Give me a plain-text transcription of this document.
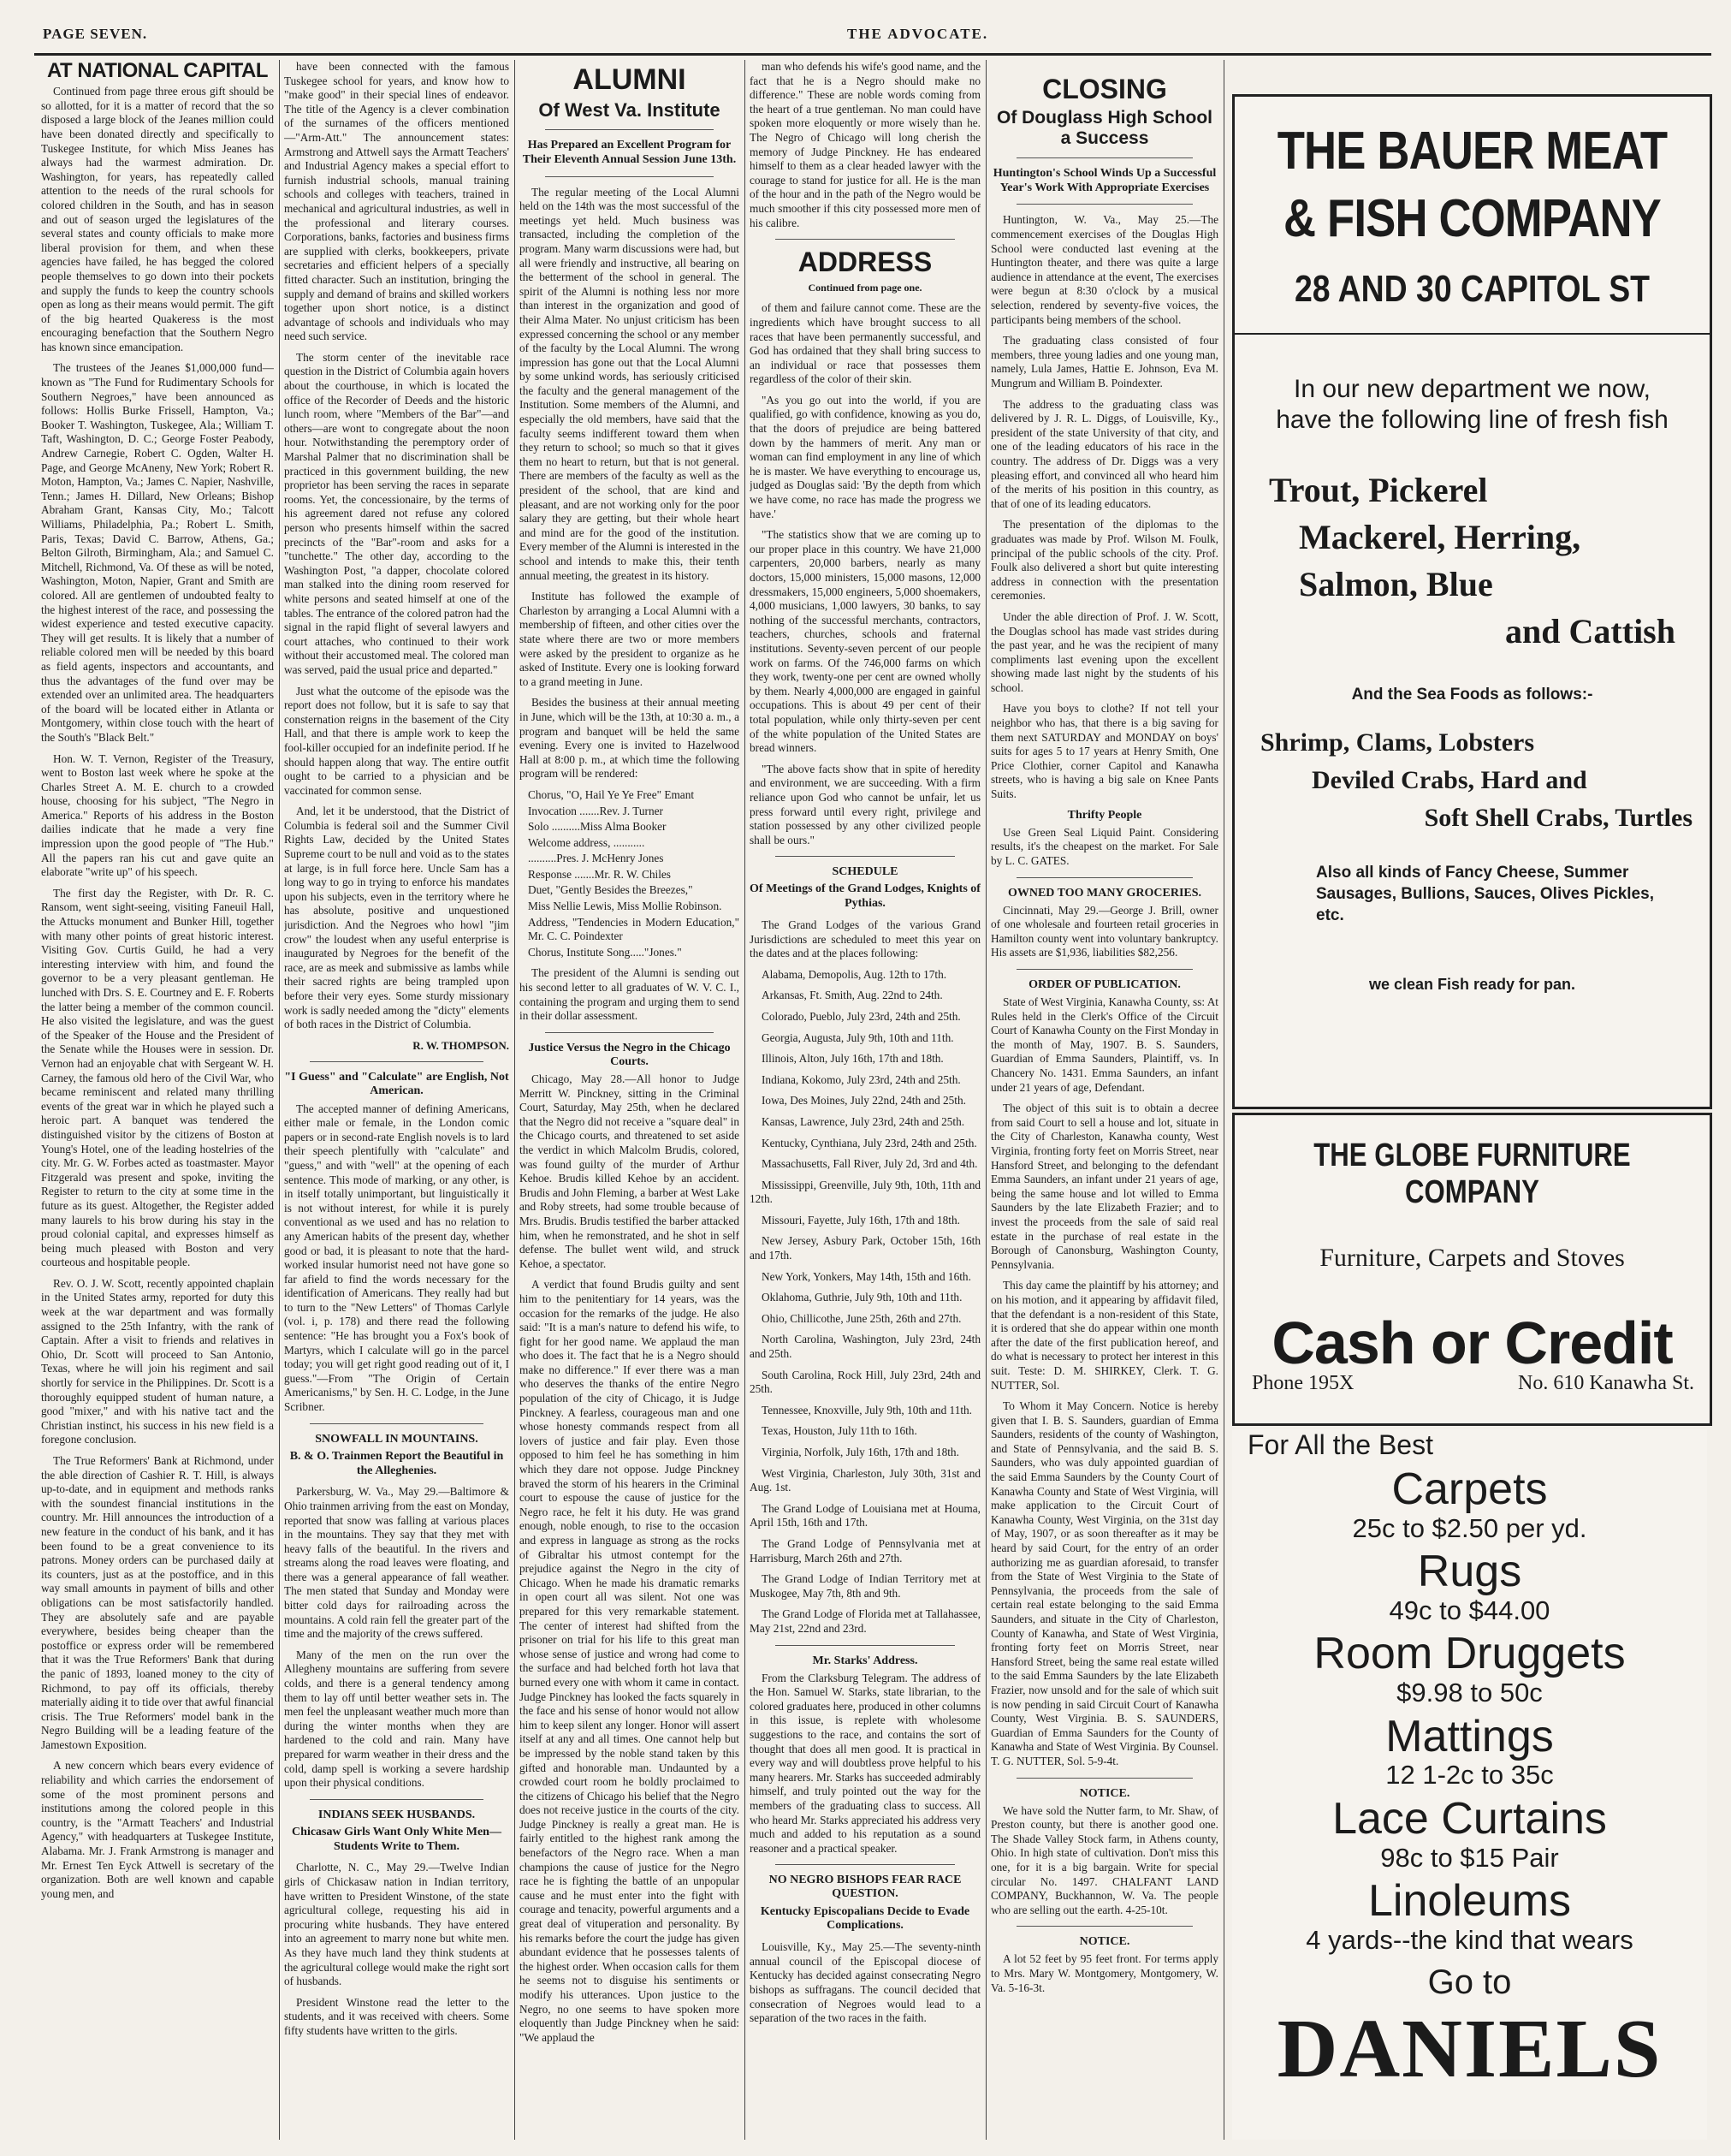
PAGE SEVEN.	THE ADVOCATE.
AT NATIONAL CAPITAL

Continued from page three erous gift should be so allotted, for it is a matter of record that the so disposed a large block of the Jeanes million could have been donated directly and specifically to Tuskegee Institute, for which Miss Jeanes has always had the warmest admiration. Dr. Washington, for years, has repeatedly called attention to the needs of the rural schools for colored children in the South, and has in season and out of season urged the legislatures of the several states and county officials to make more liberal provision for them, and when these agencies have failed, he has begged the colored people themselves to go down into their pockets and supply the funds to keep the country schools open as long as their means would permit. The gift of the big hearted Quakeress is the most encouraging benefaction that the Southern Negro has known since emancipation.

The trustees of the Jeanes $1,000,000 fund—known as "The Fund for Rudimentary Schools for Southern Negroes," have been announced as follows: Hollis Burke Frissell, Hampton, Va.; Booker T. Washington, Tuskegee, Ala.; William T. Taft, Washington, D. C.; George Foster Peabody, Andrew Carnegie, Robert C. Ogden, Walter H. Page, and George McAneny, New York; Robert R. Moton, Hampton, Va.; James C. Napier, Nashville, Tenn.; James H. Dillard, New Orleans; Bishop Abraham Grant, Kansas City, Mo.; Talcott Williams, Philadelphia, Pa.; Robert L. Smith, Paris, Texas; David C. Barrow, Athens, Ga.; Belton Gilroth, Birmingham, Ala.; and Samuel C. Mitchell, Richmond, Va. Of these as will be noted, Washington, Moton, Napier, Grant and Smith are colored. All are gentlemen of undoubted fealty to the highest interest of the race, and possessing the widest experience and tested executive capacity. They will get results. It is likely that a number of reliable colored men will be needed by this board as field agents, inspectors and accountants, and thus the advantages of the fund over may be extended over an unlimited area. The headquarters of the board will be located either in Atlanta or Montgomery, within close touch with the heart of the South's "Black Belt."

Hon. W. T. Vernon, Register of the Treasury, went to Boston last week where he spoke at the Charles Street A. M. E. church to a crowded house, choosing for his subject, "The Negro in America." Reports of his address in the Boston dailies indicate that he made a very fine impression upon the good people of "The Hub." All the papers ran his cut and gave quite an elaborate "write up" of his speech.

The first day the Register, with Dr. R. C. Ransom, went sight-seeing, visiting Faneuil Hall, the Attucks monument and Bunker Hill, together with many other points of great historic interest. Visiting Gov. Curtis Guild, he had a very interesting interview with him, and found the governor to be a very pleasant gentleman. He lunched with Drs. S. E. Courtney and E. F. Roberts the latter being a member of the common council. He also visited the legislature, and was the guest of the Speaker of the House and the President of the Senate while the Houses were in session. Dr. Vernon had an enjoyable chat with Sergeant W. H. Carney, the famous old hero of the Civil War, who became reminiscent and related many thrilling events of the great war in which he played such a heroic part. A banquet was tendered the distinguished visitor by the citizens of Boston at Young's Hotel, one of the leading hostelries of the city. Mr. G. W. Forbes acted as toastmaster. Mayor Fitzgerald was present and spoke, inviting the Register to return to the city at some time in the future as its guest. Altogether, the Register added many laurels to his brow during his stay in the proud colonial capital, and expresses himself as being much pleased with Boston and very courteous and hospitable people.

Rev. O. J. W. Scott, recently appointed chaplain in the United States army, reported for duty this week at the war department and was formally assigned to the 25th Infantry, with the rank of Captain. After a visit to friends and relatives in Ohio, Dr. Scott will proceed to San Antonio, Texas, where he will join his regiment and sail shortly for service in the Philippines. Dr. Scott is a thoroughly equipped student of human nature, a good "mixer," and with his native tact and the Christian instinct, his success in his new field is a foregone conclusion.

The True Reformers' Bank at Richmond, under the able direction of Cashier R. T. Hill, is always up-to-date, and in equipment and methods ranks with the soundest financial institutions in the country. Mr. Hill announces the introduction of a new feature in the conduct of his bank, and it has been found to be a great convenience to its patrons. Money orders can be purchased daily at its counters, just as at the postoffice, and in this way small amounts in payment of bills and other obligations can be most satisfactorily handled. They are absolutely safe and are payable everywhere, besides being cheaper than the postoffice or express order will be remembered that it was the True Reformers' Bank that during the panic of 1893, loaned money to the city of Richmond, to pay off its officials, thereby materially aiding it to tide over that awful financial crisis. The True Reformers' model bank in the Negro Building will be a leading feature of the Jamestown Exposition.

A new concern which bears every evidence of reliability and which carries the endorsement of some of the most prominent persons and institutions among the colored people in this country, is the "Armatt Teachers' and Industrial Agency," with headquarters at Tuskegee Institute, Alabama. Mr. J. Frank Armstrong is manager and Mr. Ernest Ten Eyck Attwell is secretary of the organization. Both are well known and capable young men, and

have been connected with the famous Tuskegee school for years, and know how to "make good" in their special lines of endeavor. The title of the Agency is a clever combination of the surnames of the officers mentioned—"Arm-Att." The announcement states: Armstrong and Attwell says the Armatt Teachers' and Industrial Agency makes a special effort to furnish industrial schools, manual training schools and colleges with teachers, trained in mechanical and agricultural industries, as well in the professional and literary courses. Corporations, banks, factories and business firms are supplied with clerks, bookkeepers, private secretaries and efficient helpers of a specially fitted character. Such an institution, bringing the supply and demand of brains and skilled workers together upon short notice, is a distinct advantage of schools and individuals who may need such service.

The storm center of the inevitable race question in the District of Columbia again hovers about the courthouse, in which is located the office of the Recorder of Deeds and the historic lunch room, where "Members of the Bar"—and others—are wont to congregate about the noon hour. Notwithstanding the peremptory order of Marshal Palmer that no discrimination shall be practiced in this government building, the new proprietor has been serving the races in separate rooms. Yet, the concessionaire, by the terms of his agreement dared not refuse any colored person who presents himself within the sacred precincts of the "Bar"-room and asks for a "tunchette." The other day, according to the Washington Post, "a dapper, chocolate colored man stalked into the dining room reserved for white persons and seated himself at one of the tables. The entrance of the colored patron had the signal in the rapid flight of several lawyers and court attaches, who continued to their work without their accustomed meal. The colored man was served, paid the usual price and departed."

Just what the outcome of the episode was the report does not follow, but it is safe to say that consternation reigns in the basement of the City Hall, and that there is ample work to keep the fool-killer occupied for an indefinite period. If he should happen along that way. The entire outfit ought to be carried to a physician and be vaccinated for common sense.

And, let it be understood, that the District of Columbia is federal soil and the Summer Civil Rights Law, decided by the United States Supreme court to be null and void as to the states at large, is in full force here. Uncle Sam has a long way to go in trying to enforce his mandates upon his subjects, even in the territory where he has absolute, positive and unquestioned jurisdiction. And the Negroes who howl "jim crow" the loudest when any useful enterprise is inaugurated by Negroes for the benefit of the race, are as meek and submissive as lambs while their sacred rights are being trampled upon before their very eyes. Some sturdy missionary work is sadly needed among the "dicty" elements of both races in the District of Columbia.

R. W. THOMPSON.
"I Guess" and "Calculate" are English, Not American.

The accepted manner of defining Americans, either male or female, in the London comic papers or in second-rate English novels is to lard their speech plentifully with "calculate" and "guess," and with "well" at the opening of each sentence. This mode of marking, or any other, is in itself totally unimportant, but linguistically it is not without interest, for while it is purely conventional as we used and has no relation to any American habits of the present day, whether good or bad, it is pleasant to note that the hard-worked insular humorist need not have gone so far afield to find the words necessary for the identification of Americans. They really had but to turn to the "New Letters" of Thomas Carlyle (vol. i, p. 178) and there read the following sentence: "He has brought you a Fox's book of Martyrs, which I calculate will go in the parcel today; you will get right good reading out of it, I guess."—From "The Origin of Certain Americanisms," by Sen. H. C. Lodge, in the June Scribner.

SNOWFALL IN MOUNTAINS.
B. & O. Trainmen Report the Beautiful in the Alleghenies.

Parkersburg, W. Va., May 29.—Baltimore & Ohio trainmen arriving from the east on Monday, reported that snow was falling at various places in the mountains. They say that they met with heavy falls of the beautiful. In the rivers and streams along the road leaves were floating, and there was a general appearance of fall weather. The men stated that Sunday and Monday were bitter cold days for railroading across the mountains. A cold rain fell the greater part of the time and the majority of the crews suffered.

Many of the men on the run over the Allegheny mountains are suffering from severe colds, and there is a general tendency among them to lay off until better weather sets in. The men feel the unpleasant weather much more than during the winter months when they are hardened to the cold and rain. Many have prepared for warm weather in their dress and the cold, damp spell is working a severe hardship upon their physical conditions.

INDIANS SEEK HUSBANDS.
Chicasaw Girls Want Only White Men—Students Write to Them.

Charlotte, N. C., May 29.—Twelve Indian girls of Chickasaw nation in Indian territory, have written to President Winstone, of the state agricultural college, requesting his aid in procuring white husbands. They have entered into an agreement to marry none but white men. As they have much land they think students at the agricultural college would make the right sort of husbands.

President Winstone read the letter to the students, and it was received with cheers. Some fifty students have written to the girls.

ALUMNI
Of West Va. Institute
Has Prepared an Excellent Program for Their Eleventh Annual Session June 13th.

The regular meeting of the Local Alumni held on the 14th was the most successful of the meetings yet held. Much business was transacted, including the completion of the program. Many warm discussions were had, but all were friendly and instructive, all bearing on the betterment of the school in general. The spirit of the Alumni is nothing less nor more than interest in the organization and good of their Alma Mater. No unjust criticism has been expressed concerning the school or any member of the faculty by the Local Alumni. The wrong impression has gone out that the Local Alumni by some unkind words, has seriously criticised the faculty and the general management of the Institution. Some members of the Alumni, and especially the old members, have said that the faculty seems indifferent toward them when they return to school; so much so that it gives them no heart to return, but that is not general. There are members of the faculty as well as the president of the school, that are kind and pleasant, and are not working only for the poor salary they are getting, but their whole heart and mind are for the good of the institution. Every member of the Alumni is interested in the school and intends to make this, their tenth annual meeting, the greatest in its history.

Institute has followed the example of Charleston by arranging a Local Alumni with a membership of fifteen, and other cities over the state where there are two or more members were asked by the president to organize as he asked of Institute. Every one is looking forward to a grand meeting in June.

Besides the business at their annual meeting in June, which will be the 13th, at 10:30 a. m., a program and banquet will be held the same evening. Every one is invited to Hazelwood Hall at 8:00 p. m., at which time the following program will be rendered:

Chorus, "O, Hail Ye Ye Free" Emant
Invocation .......Rev. J. Turner
Solo ..........Miss Alma Booker
Welcome address, ...........
..........Pres. J. McHenry Jones
Response .......Mr. R. W. Chiles
Duet, "Gently Besides the Breezes,"
Miss Nellie Lewis, Miss Mollie Robinson.
Address, "Tendencies in Modern Education," Mr. C. C. Poindexter
Chorus, Institute Song....."Jones."

The president of the Alumni is sending out his second letter to all graduates of W. V. C. I., containing the program and urging them to send in their dollar assessment.

Justice Versus the Negro in the Chicago Courts.

Chicago, May 28.—All honor to Judge Merritt W. Pinckney, sitting in the Criminal Court, Saturday, May 25th, when he declared that the Negro did not receive a "square deal" in the Chicago courts, and threatened to set aside the verdict in which Malcolm Brudis, colored, was found guilty of the murder of Arthur Kehoe. Brudis killed Kehoe by an accident. Brudis and John Fleming, a barber at West Lake and Roby streets, had some trouble because of Mrs. Brudis. Brudis testified the barber attacked him, when he remonstrated, and he shot in self defense. The bullet went wild, and struck Kehoe, a spectator.

A verdict that found Brudis guilty and sent him to the penitentiary for 14 years, was the occasion for the remarks of the judge. He also said: "It is a man's nature to defend his wife, to fight for her good name. We applaud the man who does it. The fact that he is a Negro should make no difference." If ever there was a man who deserves the thanks of the entire Negro population of the city of Chicago, it is Judge Pinckney. A fearless, courageous man and one whose honesty commands respect from all lovers of justice and fair play. Even those opposed to him feel he has something in him which they dare not oppose. Judge Pinckney braved the storm of his hearers in the Criminal court to espouse the cause of justice for the Negro race, he felt it his duty. He was grand enough, noble enough, to rise to the occasion and express in language as strong as the rocks of Gibraltar his utmost contempt for the prejudice against the Negro in the city of Chicago. When he made his dramatic remarks in open court all was silent. Not one was prepared for this very remarkable statement. The center of interest had shifted from the prisoner on trial for his life to this great man whose sense of justice and wrong had come to the surface and had belched forth hot lava that burned every one with whom it came in contact. Judge Pinckney has looked the facts squarely in the face and his sense of honor would not allow him to keep silent any longer. Honor will assert itself at any and all times. One cannot help but be impressed by the noble stand taken by this gifted and honorable man. Undaunted by a crowded court room he boldly proclaimed to the citizens of Chicago his belief that the Negro does not receive justice in the courts of the city. Judge Pinckney is really a great man. He is fairly entitled to the highest rank among the benefactors of the Negro race. When a man champions the cause of justice for the Negro race he is fighting the battle of an unpopular cause and he must enter into the fight with courage and tenacity, powerful arguments and a great deal of vituperation and personality. By his remarks before the court the judge has given abundant evidence that he possesses talents of the highest order. When occasion calls for them he seems not to disguise his sentiments or modify his utterances. Upon justice to the Negro, no one seems to have spoken more eloquently than Judge Pinckney when he said: "We applaud the

man who defends his wife's good name, and the fact that he is a Negro should make no difference." These are noble words coming from the heart of a true gentleman. No man could have spoken more eloquently or more wisely than he. The Negro of Chicago will long cherish the memory of Judge Pinckney. He has endeared himself to them as a clear headed lawyer with the courage to stand for justice for all. He is the man of the hour and in the path of the Negro would be much smoother if this city possessed more men of his calibre.

ADDRESS
Continued from page one.

of them and failure cannot come. These are the ingredients which have brought success to all races that have been permanently successful, and God has ordained that they shall bring success to an individual or race that possesses them regardless of the color of their skin.

"As you go out into the world, if you are qualified, go with confidence, knowing as you do, that the doors of prejudice are being battered down by the hammers of merit. Any man or woman can find employment in any line of which he is master. We have everything to encourage us, judged as Douglas said: 'By the depth from which we have come, no race has made the progress we have.'

"The statistics show that we are coming up to our proper place in this country. We have 21,000 carpenters, 20,000 barbers, nearly as many doctors, 15,000 ministers, 15,000 masons, 12,000 dressmakers, 15,000 engineers, 5,000 shoemakers, 4,000 musicians, 1,000 lawyers, 30 banks, to say nothing of the successful merchants, contractors, teachers, churches, schools and fraternal institutions. Seventy-seven percent of our people work on farms. Of the 746,000 farms on which they work, twenty-one per cent are owned wholly by them. Nearly 4,000,000 are engaged in gainful occupations. This is about 49 per cent of their total population, while only thirty-seven per cent of the white population of the United States are bread winners.

"The above facts show that in spite of heredity and environment, we are succeeding. With a firm reliance upon God who cannot be unfair, let us press forward until every right, privilege and station possessed by any other civilized people shall be ours."

SCHEDULE
Of Meetings of the Grand Lodges, Knights of Pythias.

The Grand Lodges of the various Grand Jurisdictions are scheduled to meet this year on the dates and at the places following:

Alabama, Demopolis, Aug. 12th to 17th.

Arkansas, Ft. Smith, Aug. 22nd to 24th.

Colorado, Pueblo, July 23rd, 24th and 25th.

Georgia, Augusta, July 9th, 10th and 11th.

Illinois, Alton, July 16th, 17th and 18th.

Indiana, Kokomo, July 23rd, 24th and 25th.

Iowa, Des Moines, July 22nd, 24th and 25th.

Kansas, Lawrence, July 23rd, 24th and 25th.

Kentucky, Cynthiana, July 23rd, 24th and 25th.

Massachusetts, Fall River, July 2d, 3rd and 4th.

Mississippi, Greenville, July 9th, 10th, 11th and 12th.

Missouri, Fayette, July 16th, 17th and 18th.

New Jersey, Asbury Park, October 15th, 16th and 17th.

New York, Yonkers, May 14th, 15th and 16th.

Oklahoma, Guthrie, July 9th, 10th and 11th.

Ohio, Chillicothe, June 25th, 26th and 27th.

North Carolina, Washington, July 23rd, 24th and 25th.

South Carolina, Rock Hill, July 23rd, 24th and 25th.

Tennessee, Knoxville, July 9th, 10th and 11th.

Texas, Houston, July 11th to 16th.

Virginia, Norfolk, July 16th, 17th and 18th.

West Virginia, Charleston, July 30th, 31st and Aug. 1st.

The Grand Lodge of Louisiana met at Houma, April 15th, 16th and 17th.

The Grand Lodge of Pennsylvania met at Harrisburg, March 26th and 27th.

The Grand Lodge of Indian Territory met at Muskogee, May 7th, 8th and 9th.

The Grand Lodge of Florida met at Tallahassee, May 21st, 22nd and 23rd.

Mr. Starks' Address.

From the Clarksburg Telegram. The address of the Hon. Samuel W. Starks, state librarian, to the colored graduates here, produced in other columns in this issue, is replete with wholesome suggestions to the race, and contains the sort of thought that does all men good. It is practical in every way and will doubtless prove helpful to his many hearers. Mr. Starks has succeeded admirably himself, and truly pointed out the way for the members of the graduating class to success. All who heard Mr. Starks appreciated his address very much and added to his reputation as a sound reasoner and a practical speaker.

NO NEGRO BISHOPS FEAR RACE QUESTION.
Kentucky Episcopalians Decide to Evade Complications.

Louisville, Ky., May 25.—The seventy-ninth annual council of the Episcopal diocese of Kentucky has decided against consecrating Negro bishops as suffragans. The council decided that consecration of Negroes would lead to a separation of the two races in the faith.

CLOSING
Of Douglass High School a Success
Huntington's School Winds Up a Successful Year's Work With Appropriate Exercises

Huntington, W. Va., May 25.—The commencement exercises of the Douglas High School were conducted last evening at the Huntington theater, and there was quite a large audience in attendance at the event, The exercises were begun at 8:30 o'clock by a musical selection, rendered by seventy-five voices, the participants being members of the school.

The graduating class consisted of four members, three young ladies and one young man, namely, Lula James, Hattie E. Johnson, Eva M. Mungrum and William B. Poindexter.

The address to the graduating class was delivered by J. R. L. Diggs, of Louisville, Ky., president of the state University of that city, and one of the leading educators of his race in the country. The address of Dr. Diggs was a very pleasing effort, and convinced all who heard him of the merits of his position in this country, as that of one of its leading educators.

The presentation of the diplomas to the graduates was made by Prof. Wilson M. Foulk, principal of the public schools of the city. Prof. Foulk also delivered a short but quite interesting address in connection with the presentation ceremonies.

Under the able direction of Prof. J. W. Scott, the Douglas school has made vast strides during the past year, and he was the recipient of many compliments last evening upon the excellent showing made last night by the students of his school.

Have you boys to clothe? If not tell your neighbor who has, that there is a big saving for them next SATURDAY and MONDAY on boys' suits for ages 5 to 17 years at Henry Smith, One Price Clothier, corner Capitol and Kanawha streets, who is having a big sale on Knee Pants Suits.

Thrifty People

Use Green Seal Liquid Paint. Considering results, it's the cheapest on the market. For Sale by L. C. GATES.

OWNED TOO MANY GROCERIES.

Cincinnati, May 29.—George J. Brill, owner of one wholesale and fourteen retail groceries in Hamilton county went into voluntary bankruptcy. His assets are $1,936, liabilities $82,256.

ORDER OF PUBLICATION.

State of West Virginia, Kanawha County, ss: At Rules held in the Clerk's Office of the Circuit Court of Kanawha County on the First Monday in the month of May, 1907. B. S. Saunders, Guardian of Emma Saunders, Plaintiff, vs. In Chancery No. 1431. Emma Saunders, an infant under 21 years of age, Defendant.

The object of this suit is to obtain a decree from said Court to sell a house and lot, situate in the City of Charleston, Kanawha county, West Virginia, fronting forty feet on Morris Street, near Hansford Street, and belonging to the defendant Emma Saunders, an infant under 21 years of age, being the same house and lot willed to Emma Saunders by the late Elizabeth Frazier; and to invest the proceeds from the sale of said real estate in the purchase of real estate in the Borough of Canonsburg, Washington County, Pennsylvania.

This day came the plaintiff by his attorney; and on his motion, and it appearing by affidavit filed, that the defendant is a non-resident of this State, it is ordered that she do appear within one month after the date of the first publication hereof, and do what is necessary to protect her interest in this suit. Teste: D. M. SHIRKEY, Clerk. T. G. NUTTER, Sol.

To Whom it May Concern. Notice is hereby given that I. B. S. Saunders, guardian of Emma Saunders, residents of the county of Washington, and State of Pennsylvania, and the said B. S. Saunders, who was duly appointed guardian of the said Emma Saunders by the County Court of Kanawha County and State of West Virginia, will make application to the Circuit Court of Kanawha County, West Virginia, on the 31st day of May, 1907, or as soon thereafter as it may be heard by said Court, for the entry of an order authorizing me as guardian aforesaid, to transfer from the State of West Virginia to the State of Pennsylvania, the proceeds from the sale of certain real estate belonging to the said Emma Saunders, and situate in the City of Charleston, County of Kanawha, and State of West Virginia, fronting forty feet on Morris Street, near Hansford Street, being the same real estate willed to the said Emma Saunders by the late Elizabeth Frazier, now unsold and for the sale of which suit is now pending in said Circuit Court of Kanawha County, West Virginia. B. S. SAUNDERS, Guardian of Emma Saunders for the County of Kanawha and State of West Virginia. By Counsel. T. G. NUTTER, Sol. 5-9-4t.

NOTICE.

We have sold the Nutter farm, to Mr. Shaw, of Preston county, but there is another good one. The Shade Valley Stock farm, in Athens county, Ohio. In high state of cultivation. Don't miss this one, for it is a big bargain. Write for special circular No. 1497. CHALFANT LAND COMPANY, Buckhannon, W. Va. The people who are selling out the earth. 4-25-10t.

NOTICE.

A lot 52 feet by 95 feet front. For terms apply to Mrs. Mary W. Montgomery, Montgomery, W. Va. 5-16-3t.

THE BAUER MEAT
& FISH COMPANY
28 AND 30 CAPITOL ST
In our new department we now, have the following line of fresh fish
Trout, Pickerel
Mackerel, Herring,
Salmon, Blue
and Cattish
And the Sea Foods as follows:-
Shrimp, Clams, Lobsters
Deviled Crabs, Hard and
Soft Shell Crabs, Turtles
Also all kinds of Fancy Cheese, Summer Sausages, Bullions, Sauces, Olives Pickles, etc.
we clean Fish ready for pan.
THE GLOBE FURNITURE COMPANY
Furniture, Carpets and Stoves
Cash or Credit
Phone 195X	No. 610 Kanawha St.
For All the Best
Carpets
25c to $2.50 per yd.
Rugs
49c to $44.00
Room Druggets
$9.98 to 50c
Mattings
12 1-2c to 35c
Lace Curtains
98c to $15 Pair
Linoleums
4 yards--the kind that wears
Go to
DANIELS
